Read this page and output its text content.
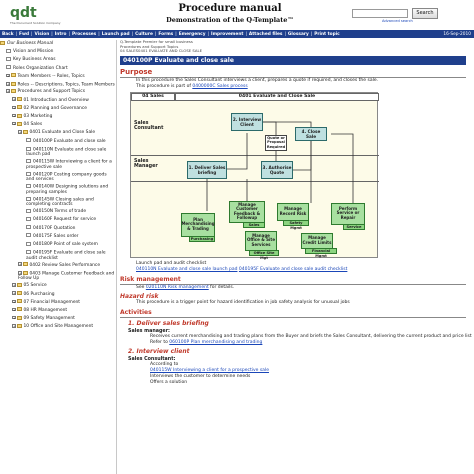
qdt
The Document Solution Company
Procedure manual
Demonstration of the Q-Template™
Search
Advanced search
Back | Fwd | Vision | Intro | Processes | Launch pad | Culture | Forms | Emergency | Improvement | Attached files | Glossary | Print topic	16-Sep-2010
Our Business Manual
Vision and Mission
Key Business Areas
Roles Organization Chart
+ Team Members -- Roles, Topics
+ Roles -- Descriptions, Topics, Team Members
+ Procedures and Support Topics
+ 01 Introduction and Overview
+ 02 Planning and Governance
+ 03 Marketing
+ 04 Sales
+ 0401 Evaluate and Close Sale
040100P Evaluate and close sale
040110N Evaluate and close sale launch pad
040115W Interviewing a client for a prospective sale
040120P Costing company goods and services
040140W Designing solutions and preparing samples
040145W Closing sales and completing contracts
040150N Terms of trade
040160F Request for service
040170F Quotation
040175F Sales order
040180P Point of sale system
040195F Evaluate and close sale audit checklist
+ 0402 Review Sales Performance
+ 0403 Manage Customer Feedback and Follow Up
+ 05 Service
+ 06 Purchasing
+ 07 Financial Management
+ 08 HR Management
+ 09 Safety Management
+ 10 Office and Site Management
Q-Template Premier for small business
Procedures and Support Topics
04 SALES0401 EVALUATE AND CLOSE SALE
040100P Evaluate and close sale
Purpose
In this procedure the Sales Consultant interviews a client, prepares a quote if required, and closes the sale.
This procedure is part of 0400000C Sales process
04 Sales	0401 Evaluate and Close Sale
Sales Consultant
Sales Manager
2. Interview Client
4. Close Sale
1. Deliver Sales briefing
3. Authorise Quote
Quote or Proposal Required
Plan Merchandising & Trading
Purchasing
Manage Customer Feedback & Followup
Sales
Manage Record Risk
Safety Mgmt
Perform Service or Repair
Service
Manage Office & Site Services
Office Site Mgt
Manage Credit Limits
Financial Mgmt
Launch pad and audit checklist
040110N Evaluate and close sale launch pad 040195F Evaluate and close sale audit checklist
Risk management
See 020110N Risk management for details.
Hazard risk
This procedure is a trigger point for hazard identification in job safety analysis for unusual jobs
Activities
1. Deliver sales briefing
Sales manager:
Receives current merchandising and trading plans from the Buyer and briefs the Sales Consultant, delivering the current product and price list
Refer to 060100P Plan merchandising and trading
2. Interview client
Sales Consultant:
According to
040115W Interviewing a client for a prospective sale
Interviews the customer to determine needs
Offers a solution
